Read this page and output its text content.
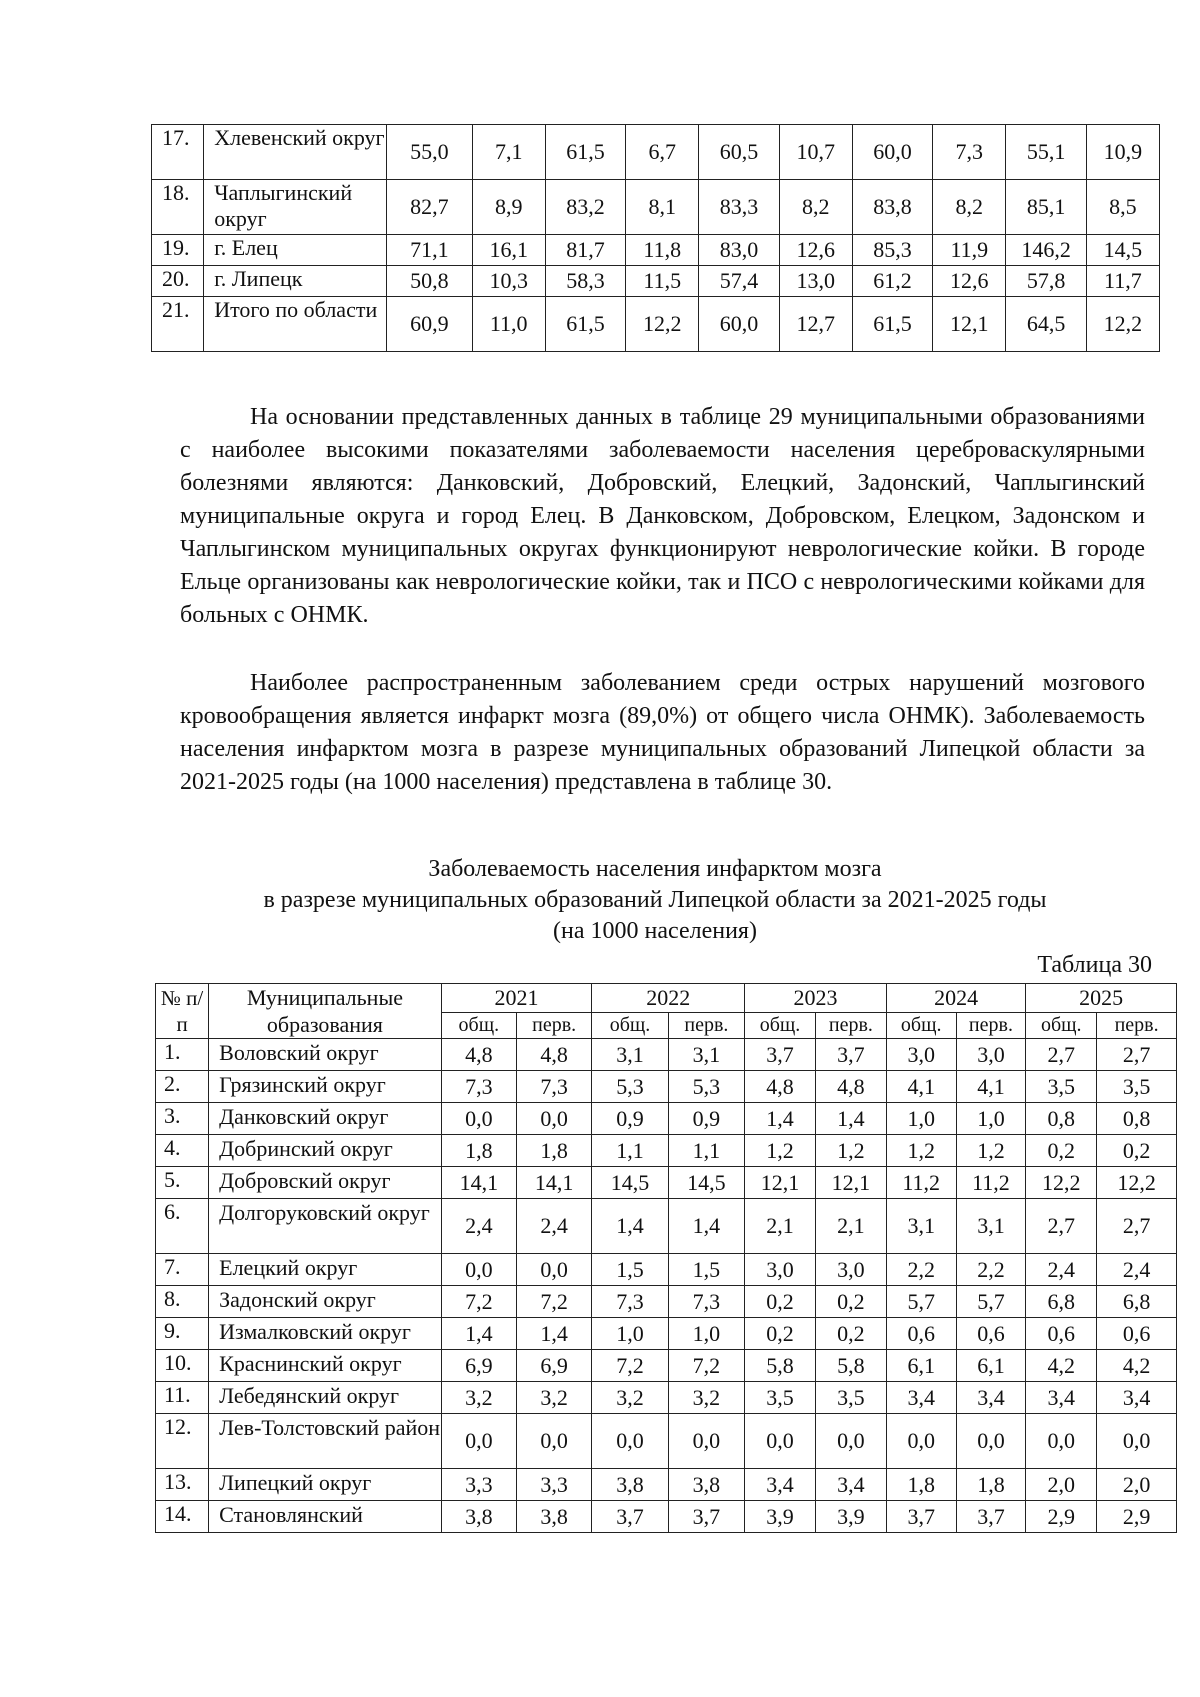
17.	Хлевенский округ	55,0	7,1	61,5	6,7	60,5	10,7	60,0	7,3	55,1	10,9
18.	Чаплыгинский округ	82,7	8,9	83,2	8,1	83,3	8,2	83,8	8,2	85,1	8,5
19.	г. Елец	71,1	16,1	81,7	11,8	83,0	12,6	85,3	11,9	146,2	14,5
20.	г. Липецк	50,8	10,3	58,3	11,5	57,4	13,0	61,2	12,6	57,8	11,7
21.	Итого по области	60,9	11,0	61,5	12,2	60,0	12,7	61,5	12,1	64,5	12,2

На основании представленных данных в таблице 29 муниципальными образованиями с наиболее высокими показателями заболеваемости населения цереброваскулярными болезнями являются: Данковский, Добровский, Елецкий, Задонский, Чаплыгинский муниципальные округа и город Елец. В Данковском, Добровском, Елецком, Задонском и Чаплыгинском муниципальных округах функционируют неврологические койки. В городе Ельце организованы как неврологические койки, так и ПСО с неврологическими койками для больных с ОНМК.

Наиболее распространенным заболеванием среди острых нарушений мозгового кровообращения является инфаркт мозга (89,0%) от общего числа ОНМК). Заболеваемость населения инфарктом мозга в разрезе муниципальных образований Липецкой области за 2021-2025 годы (на 1000 населения) представлена в таблице 30.

Заболеваемость населения инфарктом мозга
в разрезе муниципальных образований Липецкой области за 2021-2025 годы
(на 1000 населения)
Таблица 30
№ п/п	Муниципальные образования	2021		2022		2023		2024		2025	
		общ.	перв.	общ.	перв.	общ.	перв.	общ.	перв.	общ.	перв.
1.	Воловский округ	4,8	4,8	3,1	3,1	3,7	3,7	3,0	3,0	2,7	2,7
2.	Грязинский округ	7,3	7,3	5,3	5,3	4,8	4,8	4,1	4,1	3,5	3,5
3.	Данковский округ	0,0	0,0	0,9	0,9	1,4	1,4	1,0	1,0	0,8	0,8
4.	Добринский округ	1,8	1,8	1,1	1,1	1,2	1,2	1,2	1,2	0,2	0,2
5.	Добровский округ	14,1	14,1	14,5	14,5	12,1	12,1	11,2	11,2	12,2	12,2
6.	Долгоруковский округ	2,4	2,4	1,4	1,4	2,1	2,1	3,1	3,1	2,7	2,7
7.	Елецкий округ	0,0	0,0	1,5	1,5	3,0	3,0	2,2	2,2	2,4	2,4
8.	Задонский округ	7,2	7,2	7,3	7,3	0,2	0,2	5,7	5,7	6,8	6,8
9.	Измалковский округ	1,4	1,4	1,0	1,0	0,2	0,2	0,6	0,6	0,6	0,6
10.	Краснинский округ	6,9	6,9	7,2	7,2	5,8	5,8	6,1	6,1	4,2	4,2
11.	Лебедянский округ	3,2	3,2	3,2	3,2	3,5	3,5	3,4	3,4	3,4	3,4
12.	Лев-Толстовский район	0,0	0,0	0,0	0,0	0,0	0,0	0,0	0,0	0,0	0,0
13.	Липецкий округ	3,3	3,3	3,8	3,8	3,4	3,4	1,8	1,8	2,0	2,0
14.	Становлянский	3,8	3,8	3,7	3,7	3,9	3,9	3,7	3,7	2,9	2,9
